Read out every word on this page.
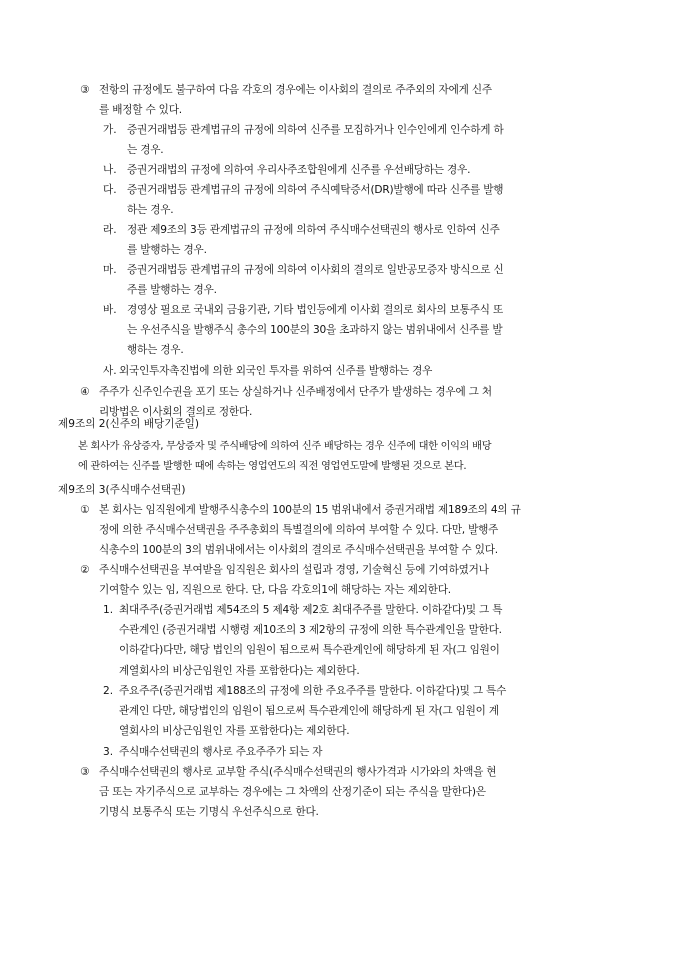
③ 전항의 규정에도 불구하여 다음 각호의 경우에는 이사회의 결의로 주주외의 자에게 신주
를 배정할 수 있다.
가. 증권거래법등 관계법규의 규정에 의하여 신주를 모집하거나 인수인에게 인수하게 하
는 경우.
나. 증권거래법의 규정에 의하여 우리사주조합원에게 신주를 우선배당하는 경우.
다. 증권거래법등 관계법규의 규정에 의하여 주식예탁증서(DR)발행에 따라 신주를 발행
하는 경우.
라. 정관 제9조의 3등 관계법규의 규정에 의하여 주식매수선택권의 행사로 인하여 신주
를 발행하는 경우.
마. 증권거래법등 관계법규의 규정에 의하여 이사회의 결의로 일반공모증자 방식으로 신
주를 발행하는 경우.
바. 경영상 필요로 국내외 금융기관, 기타 법인등에게 이사회 결의로 회사의 보통주식 또
는 우선주식을 발행주식 총수의 100분의 30을 초과하지 않는 범위내에서 신주를 발
행하는 경우.
사. 외국인투자촉진법에 의한 외국인 투자를 위하여 신주를 발행하는 경우
④ 주주가 신주인수권을 포기 또는 상실하거나 신주배정에서 단주가 발생하는 경우에 그 처
리방법은 이사회의 결의로 정한다.
제9조의 2(신주의 배당기준일)
본 회사가 유상증자, 무상증자 및 주식배당에 의하여 신주 배당하는 경우 신주에 대한 이익의 배당
에 관하여는 신주를 발행한 때에 속하는 영업연도의 직전 영업연도말에 발행된 것으로 본다.
제9조의 3(주식매수선택권)
① 본 회사는 임직원에게 발행주식총수의 100분의 15 범위내에서 증권거래법 제189조의 4의 규
정에 의한 주식매수선택권을 주주총회의 특별결의에 의하여 부여할 수 있다. 다만, 발행주
식총수의 100분의 3의 범위내에서는 이사회의 결의로 주식매수선택권을 부여할 수 있다.
② 주식매수선택권을 부여받을 임직원은 회사의 설립과 경영, 기술혁신 등에 기여하였거나
기여할수 있는 임, 직원으로 한다. 단, 다음 각호의1에 해당하는 자는 제외한다.
1. 최대주주(증권거래법 제54조의 5 제4항 제2호 최대주주를 말한다. 이하같다)및 그 특
수관계인 (증권거래법 시행령 제10조의 3 제2항의 규정에 의한 특수관계인을 말한다.
이하같다)다만, 해당 법인의 임원이 됨으로써 특수관계인에 해당하게 된 자(그 임원이
계열회사의 비상근임원인 자를 포함한다)는 제외한다.
2. 주요주주(증권거래법 제188조의 규정에 의한 주요주주를 말한다. 이하같다)및 그 특수
관계인 다만, 해당법인의 임원이 됨으로써 특수관계인에 해당하게 된 자(그 임원이 계
열회사의 비상근임원인 자를 포함한다)는 제외한다.
3. 주식매수선택권의 행사로 주요주주가 되는 자
③ 주식매수선택권의 행사로 교부할 주식(주식매수선택권의 행사가격과 시가와의 차액을 현
금 또는 자기주식으로 교부하는 경우에는 그 차액의 산정기준이 되는 주식을 말한다)은
기명식 보통주식 또는 기명식 우선주식으로 한다.
